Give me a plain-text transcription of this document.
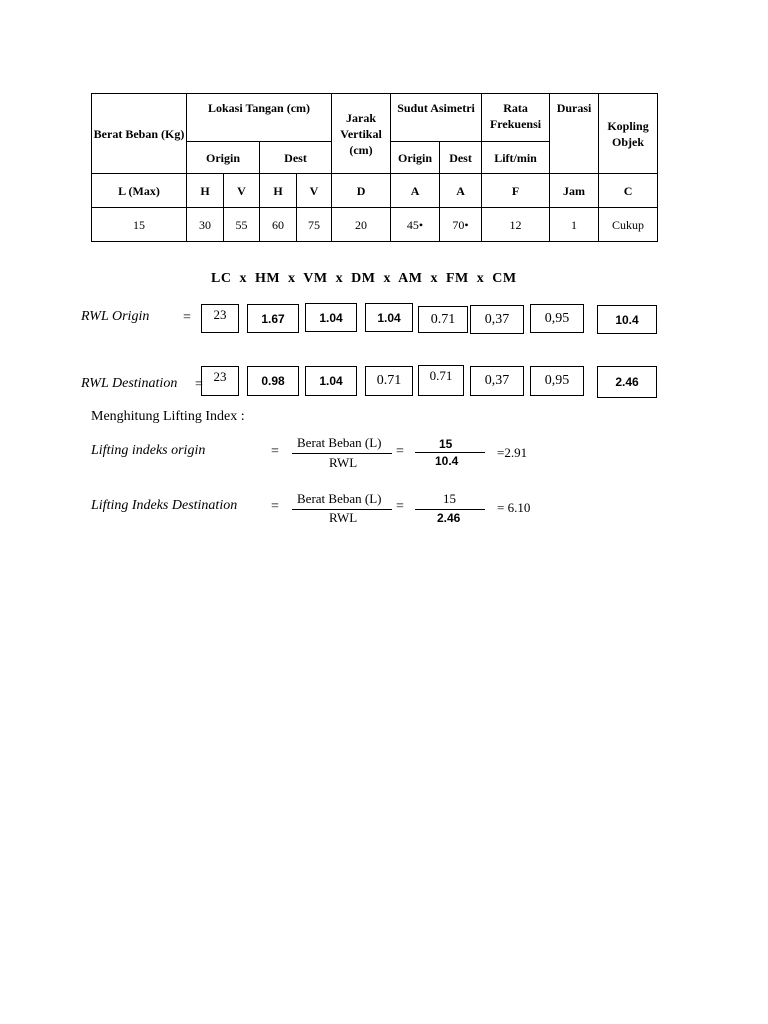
Berat Beban (Kg)	Lokasi Tangan (cm)				Jarak Vertikal (cm)	Sudut Asimetri		Rata Frekuensi	Durasi	Kopling Objek
	Origin		Dest			Origin	Dest	Lift/min		
L (Max)	H	V	H	V	D	A	A	F	Jam	C
15	30	55	60	75	20	45•	70•	12	1	Cukup
LC  x  HM  x  VM  x  DM  x  AM  x  FM  x  CM
RWL Origin =	23	1.67	1.04	1.04	0.71	0,37	0,95	10.4
RWL Destination =
23	0.98	1.04	0.71	0.71	0,37	0,95	2.46
Menghitung Lifting Index :
Lifting indeks origin	=
Berat Beban (L)
RWL
=	15
10.4
=2.91
Lifting Indeks Destination =
Berat Beban (L)
RWL
=
15
2.46
= 6.10
